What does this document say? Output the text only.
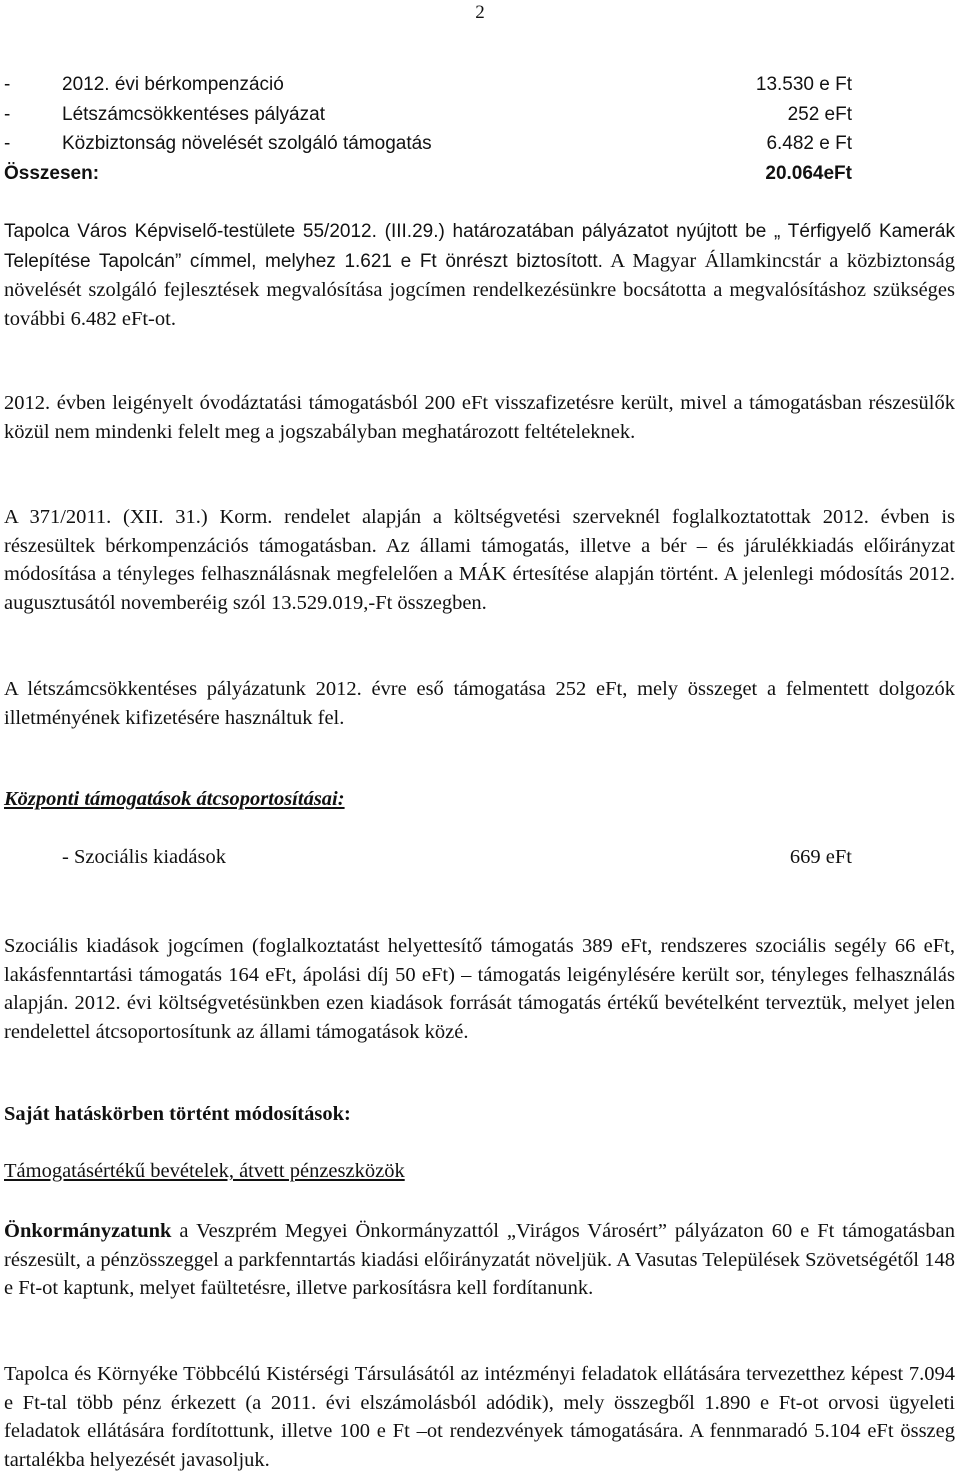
2
-	2012. évi bérkompenzáció	13.530 e Ft
-	Létszámcsökkentéses pályázat	252 eFt
-	Közbiztonság növelését szolgáló támogatás	6.482 e Ft
Összesen:	20.064eFt

Tapolca Város Képviselő-testülete 55/2012. (III.29.) határozatában pályázatot nyújtott be „ Térfigyelő Kamerák Telepítése Tapolcán” címmel, melyhez 1.621 e Ft önrészt biztosított. A Magyar Államkincstár a közbiztonság növelését szolgáló fejlesztések megvalósítása jogcímen rendelkezésünkre bocsátotta a megvalósításhoz szükséges további 6.482 eFt-ot.

2012. évben leigényelt óvodáztatási támogatásból 200 eFt visszafizetésre került, mivel a támogatásban részesülők közül nem mindenki felelt meg a jogszabályban meghatározott feltételeknek.

A 371/2011. (XII. 31.) Korm. rendelet alapján a költségvetési szerveknél foglalkoztatottak 2012. évben is részesültek bérkompenzációs támogatásban. Az állami támogatás, illetve a bér – és járulékkiadás előirányzat módosítása a tényleges felhasználásnak megfelelően a MÁK értesítése alapján történt. A jelenlegi módosítás 2012. augusztusától novemberéig szól 13.529.019,-Ft összegben.

A létszámcsökkentéses pályázatunk 2012. évre eső támogatása 252 eFt, mely összeget a felmentett dolgozók illetményének kifizetésére használtuk fel.

Központi támogatások átcsoportosításai:
- Szociális kiadások	669 eFt

Szociális kiadások jogcímen (foglalkoztatást helyettesítő támogatás 389 eFt, rendszeres szociális segély 66 eFt, lakásfenntartási támogatás 164 eFt, ápolási díj 50 eFt) – támogatás leigénylésére került sor, tényleges felhasználás alapján. 2012. évi költségvetésünkben ezen kiadások forrását támogatás értékű bevételként terveztük, melyet jelen rendelettel átcsoportosítunk az állami támogatások közé.

Saját hatáskörben történt módosítások:
Támogatásértékű bevételek, átvett pénzeszközök

Önkormányzatunk a Veszprém Megyei Önkormányzattól „Virágos Városért” pályázaton 60 e Ft támogatásban részesült, a pénzösszeggel a parkfenntartás kiadási előirányzatát növeljük. A Vasutas Települések Szövetségétől 148 e Ft-ot kaptunk, melyet faültetésre, illetve parkosításra kell fordítanunk.

Tapolca és Környéke Többcélú Kistérségi Társulásától az intézményi feladatok ellátására tervezetthez képest 7.094 e Ft-tal több pénz érkezett (a 2011. évi elszámolásból adódik), mely összegből 1.890 e Ft-ot orvosi ügyeleti feladatok ellátására fordítottunk, illetve 100 e Ft –ot rendezvények támogatására. A fennmaradó 5.104 eFt összeg tartalékba helyezését javasoljuk.
